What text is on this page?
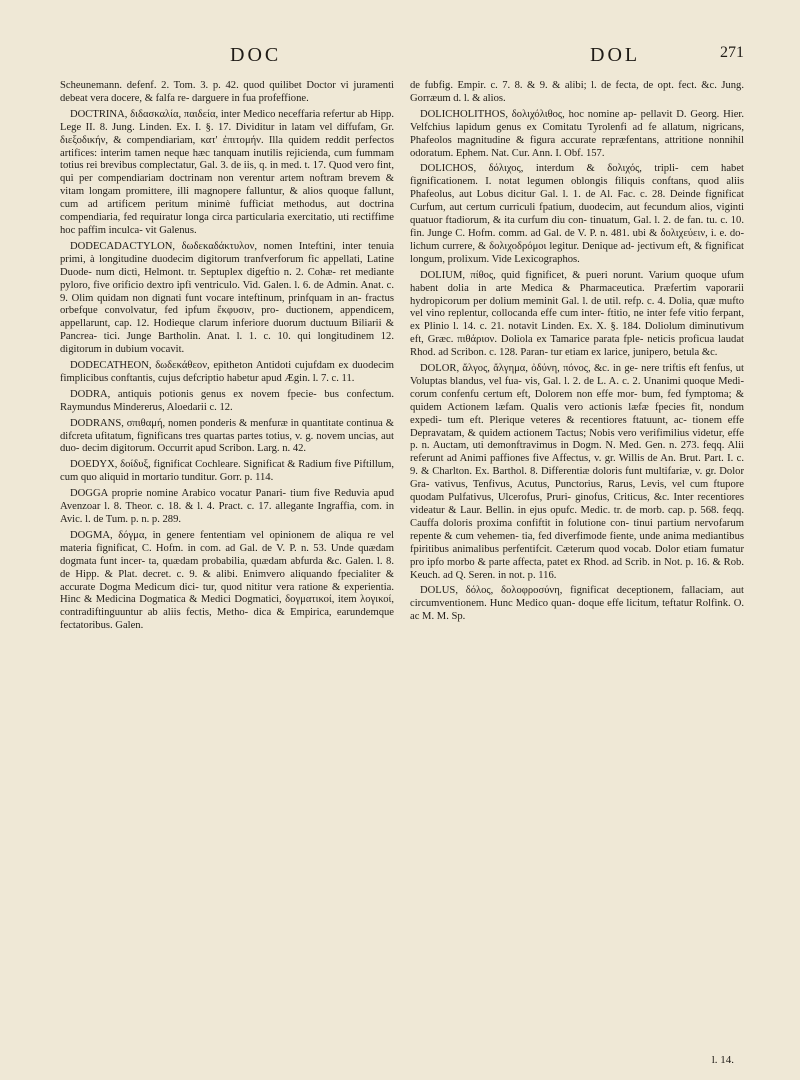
DOC	DOL	271

Scheunemann. defenf. 2. Tom. 3. p. 42. quod quilibet Doctor vi juramenti debeat vera docere, & falfa re- darguere in fua profeffione.

DOCTRINA, διδασκαλία, παιδεία, inter Medico neceffaria refertur ab Hipp. Lege II. 8. Jung. Linden. Ex. I. §. 17. Dividitur in latam vel diffufam, Gr. διεξοδικήν, & compendiariam, κατ' ἐπιτομήν. Illa quidem reddit perfectos artifices: interim tamen neque hæc tanquam inutilis rejicienda, cum fummam totius rei brevibus complectatur, Gal. 3. de iis, q. in med. t. 17. Quod vero fint, qui per compendiariam doctrinam non verentur artem noftram brevem & vitam longam promittere, illi magnopere falluntur, & alios quoque fallunt, cum ad artificem peritum minimè fufficiat methodus, aut doctrina compendiaria, fed requiratur longa circa particularia exercitatio, uti rectiffime hoc paffim inculca- vit Galenus.

DODECADACTYLON, δωδεκαδάκτυλον, nomen Inteftini, inter tenuia primi, à longitudine duodecim digitorum tranfverforum fic appellati, Latine Duode- num dictì, Helmont. tr. Septuplex digeftio n. 2. Cohæ- ret mediante pyloro, five orificio dextro ipfi ventriculo. Vid. Galen. l. 6. de Admin. Anat. c. 9. Olim quidam non dignati funt vocare inteftinum, prinfquam in an- fractus orbefque convolvatur, fed ipfum ἔκφυσιν, pro- ductionem, appendicem, appellarunt, cap. 12. Hodieque clarum inferiore duorum ductuum Biliarii & Pancrea- tici. Junge Bartholin. Anat. l. 1. c. 10. qui longitudinem 12. digitorum in dubium vocavit.

DODECATHEON, δωδεκάθεον, epitheton Antidoti cujufdam ex duodecim fimplicibus conftantis, cujus defcriptio habetur apud Ægin. l. 7. c. 11.

DODRA, antiquis potionis genus ex novem fpecie- bus confectum. Raymundus Mindererus, Aloedarii c. 12.

DODRANS, σπιθαμή, nomen ponderis & menfuræ in quantitate continua & difcreta ufitatum, fignificans tres quartas partes totius, v. g. novem uncias, aut duo- decim digitorum. Occurrit apud Scribon. Larg. n. 42.

DOEDYX, δοίδυξ, fignificat Cochleare. Significat & Radium five Piftillum, cum quo aliquid in mortario tunditur. Gorr. p. 114.

DOGGA proprie nomine Arabico vocatur Panari- tium five Reduvia apud Avenzoar l. 8. Theor. c. 18. & l. 4. Pract. c. 17. allegante Ingraffia, com. in Avic. l. de Tum. p. n. p. 289.

DOGMA, δόγμα, in genere fententiam vel opinionem de aliqua re vel materia fignificat, C. Hofm. in com. ad Gal. de V. P. n. 53. Unde quædam dogmata funt incer- ta, quædam probabilia, quædam abfurda &c. Galen. l. 8. de Hipp. & Plat. decret. c. 9. & alibi. Enimvero aliquando fpecialiter & accurate Dogma Medicum dici- tur, quod nititur vera ratione & experientia. Hinc & Medicina Dogmatica & Medici Dogmatici, δογματικοί, item λογικοί, contradiftinguuntur ab aliis fectis, Metho- dica & Empirica, earundemque fectatoribus. Galen.

de fubfig. Empir. c. 7. 8. & 9. & alibi; l. de fecta, de opt. fect. &c. Jung. Gorræum d. l. & alios.

DOLICHOLITHOS, δολιχόλιθος, hoc nomine ap- pellavit D. Georg. Hier. Velfchius lapidum genus ex Comitatu Tyrolenfi ad fe allatum, nigricans, Phafeolos magnitudine & figura accurate repræfentans, attritione nonnihil odoratum. Ephem. Nat. Cur. Ann. I. Obf. 157.

DOLICHOS, δόλιχος, interdum & δολιχός, tripli- cem habet fignificationem. I. notat legumen oblongis filiquis conftans, quod aliis Phafeolus, aut Lobus dicitur Gal. l. 1. de Al. Fac. c. 28. Deinde fignificat Curfum, aut certum curriculi fpatium, duodecim, aut fecundum alios, viginti quatuor ftadiorum, & ita curfum diu con- tinuatum, Gal. l. 2. de fan. tu. c. 10. fin. Junge C. Hofm. comm. ad Gal. de V. P. n. 481. ubi & δολιχεύειν, i. e. do- lichum currere, & δολιχοδρόμοι legitur. Denique ad- jectivum eft, & fignificat longum, prolixum. Vide Lexicographos.

DOLIUM, πίθος, quid fignificet, & pueri norunt. Varium quoque ufum habent dolia in arte Medica & Pharmaceutica. Præfertim vaporarii hydropicorum per dolium meminit Gal. l. de util. refp. c. 4. Dolia, quæ mufto vel vino replentur, collocanda effe cum inter- ftitio, ne inter fefe vitio ferpant, ex Plinio l. 14. c. 21. notavit Linden. Ex. X. §. 184. Doliolum diminutivum eft, Græc. πιθάριον. Doliola ex Tamarice parata fple- neticis proficua laudat Rhod. ad Scribon. c. 128. Paran- tur etiam ex larice, junipero, betula &c.

DOLOR, ἄλγος, ἄλγημα, ὀδύνη, πόνος, &c. in ge- nere triftis eft fenfus, ut Voluptas blandus, vel fua- vis, Gal. l. 2. de L. A. c. 2. Unanimi quoque Medi- corum confenfu certum eft, Dolorem non effe mor- bum, fed fymptoma; & quidem Actionem læfam. Qualis vero actionis læfæ fpecies fit, nondum expedi- tum eft. Plerique veteres & recentiores ftatuunt, ac- tionem effe Depravatam, & quidem actionem Tactus; Nobis vero verifimilius videtur, effe p. n. Auctam, uti demonftravimus in Dogm. N. Med. Gen. n. 273. feqq. Alii referunt ad Animi paffiones five Affectus, v. gr. Willis de An. Brut. Part. I. c. 9. & Charlton. Ex. Barthol. 8. Differentiæ doloris funt multifariæ, v. gr. Dolor Gra- vativus, Tenfivus, Acutus, Punctorius, Rarus, Levis, vel cum ftupore quodam Pulfativus, Ulcerofus, Pruri- ginofus, Criticus, &c. Inter recentiores videatur & Laur. Bellin. in ejus opufc. Medic. tr. de morb. cap. p. 568. feqq. Cauffa doloris proxima confiftit in folutione con- tinui partium nervofarum repente & cum vehemen- tia, fed diverfimode fiente, unde anima mediantibus fpiritibus animalibus perfentifcit. Cæterum quod vocab. Dolor etiam fumatur pro ipfo morbo & parte affecta, patet ex Rhod. ad Scrib. in Not. p. 16. & Rob. Keuch. ad Q. Seren. in not. p. 116.

DOLUS, δόλος, δολοφροσύνη, fignificat deceptionem, fallaciam, aut circumventionem. Hunc Medico quan- doque effe licitum, teftatur Rolfink. O. ac M. M. Sp.

l. 14.
